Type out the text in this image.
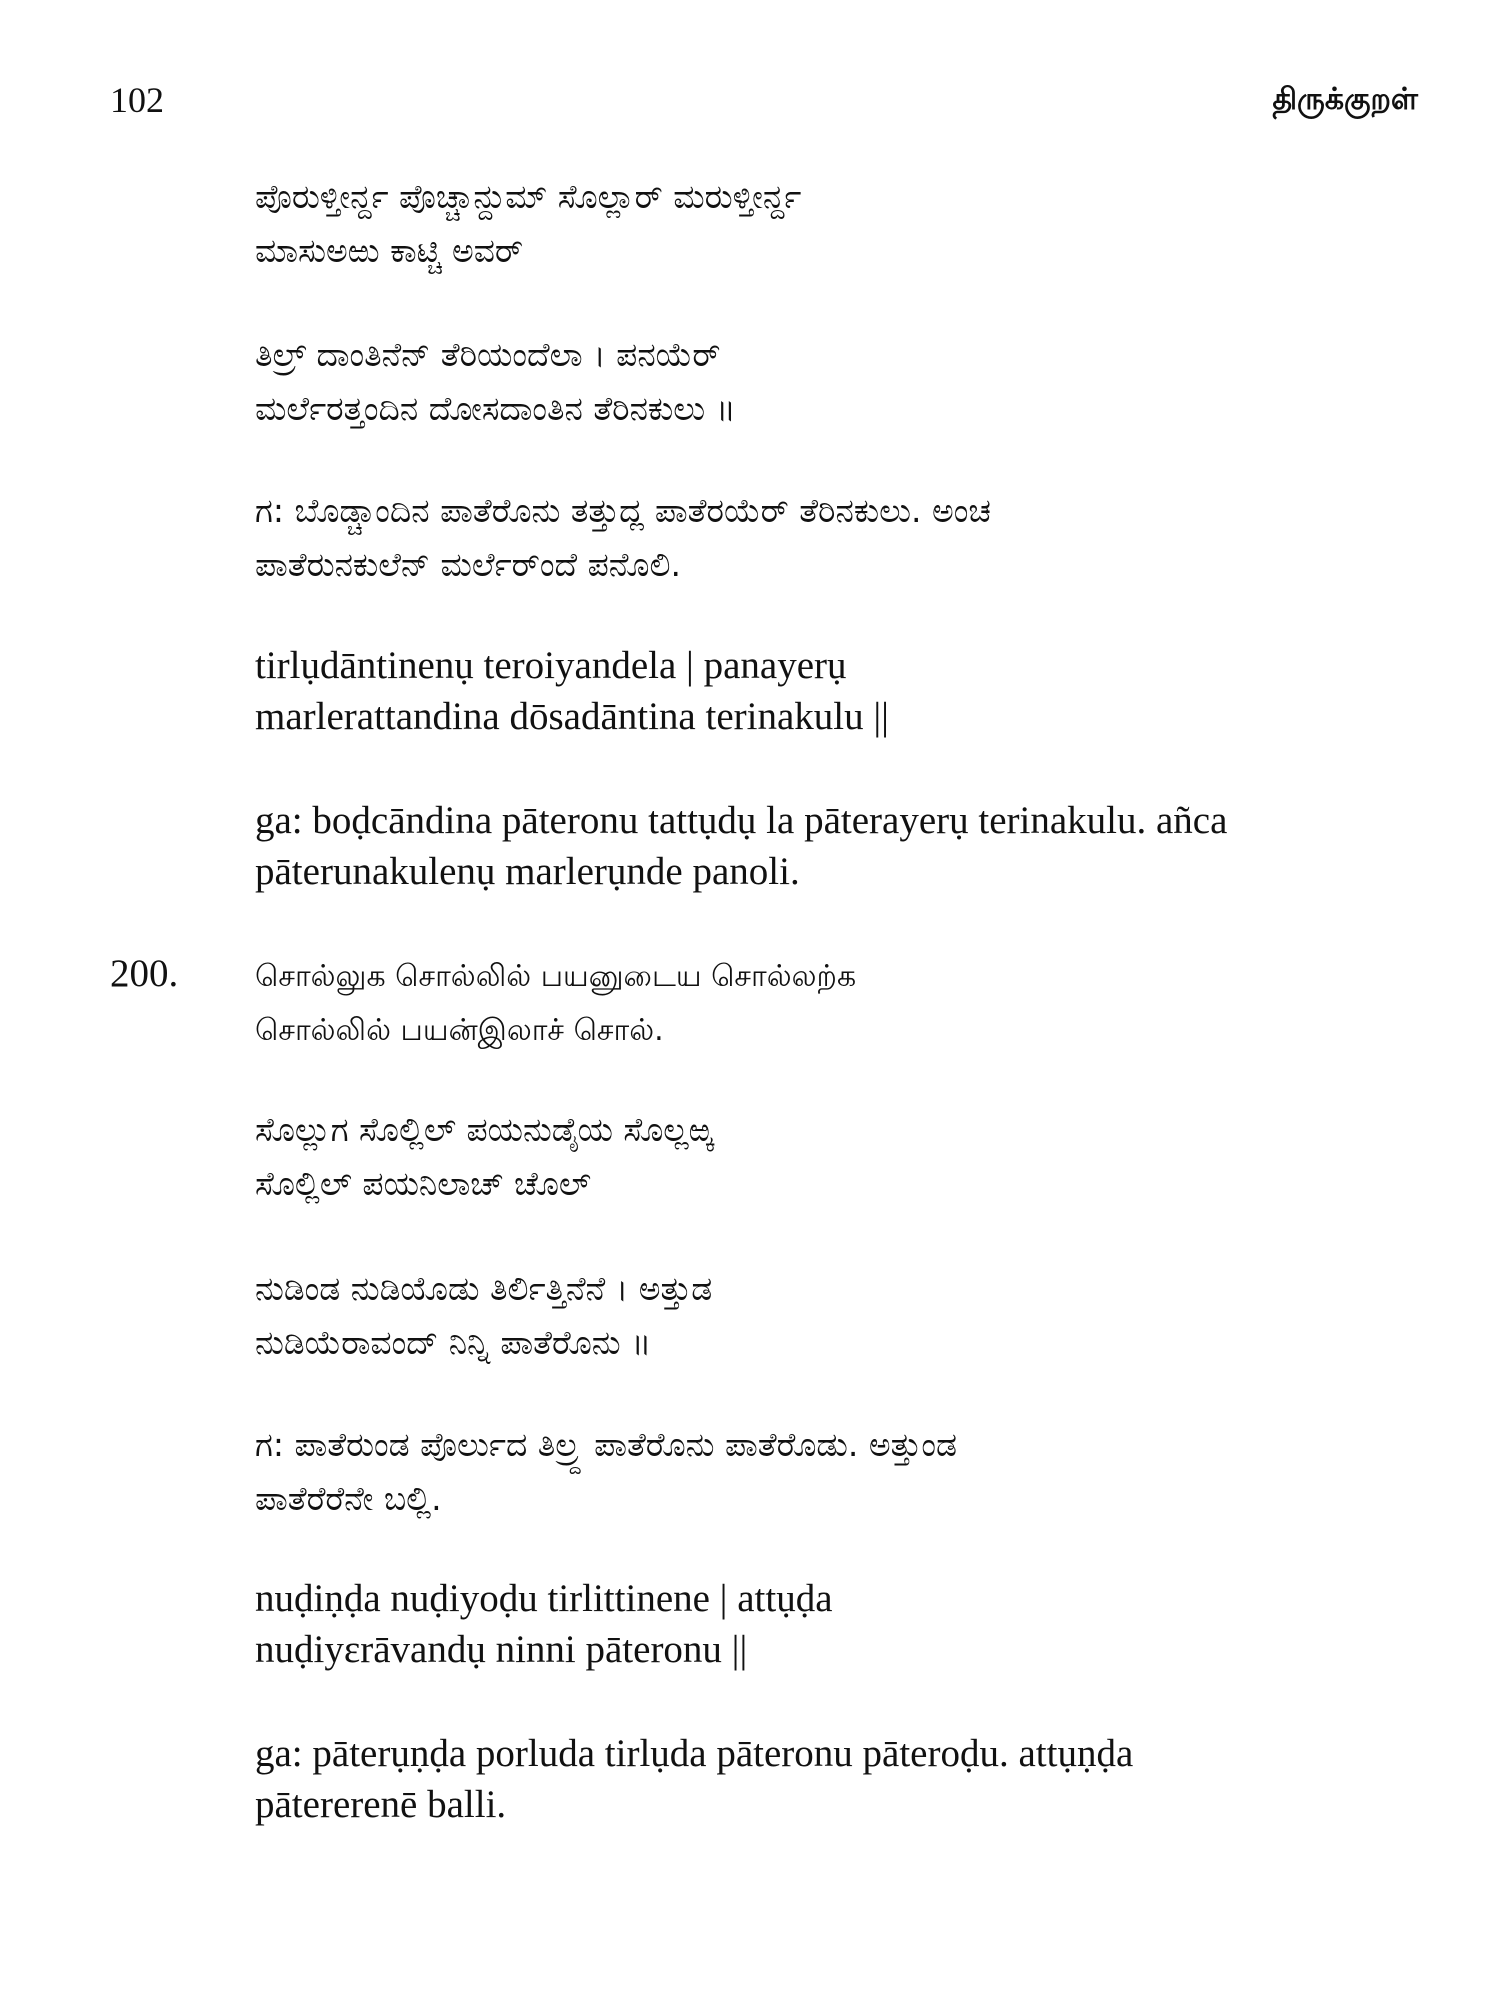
102	திருக்குறள்
ಪೊರುಳ್ತೀರ್ನ್ದ ಪೊಚ್ಚಾನ್ದುಮ್ ಸೊಲ್ಲಾರ್ ಮರುಳ್ತೀರ್ನ್ದ
ಮಾಸುಅಱು ಕಾಟ್ಚಿ ಅವರ್
ತಿಲ್ರ್ ದಾಂತಿನೆನ್ ತೆರಿಯಂದೆಲಾ । ಪನಯೆರ್
ಮರ್ಲೆರತ್ತಂದಿನ ದೋಸದಾಂತಿನ ತೆರಿನಕುಲು ॥
ಗ: ಬೊಡ್ಚಾಂದಿನ ಪಾತೆರೊನು ತತ್ತುದ್ಲ ಪಾತೆರಯೆರ್ ತೆರಿನಕುಲು. ಅಂಚ
ಪಾತೆರುನಕುಲೆನ್ ಮರ್ಲೆರ್ಂದೆ ಪನೊಲಿ.
tirlụdāntinenụ teroiyandela | panayerụ
marlerattandina dōsadāntina terinakulu ||
ga: boḍcāndina pāteronu tattụdụ la pāterayerụ terinakulu. añca
pāterunakulenụ marlerụnde panoli.
200.	சொல்லுக சொல்லில் பயனுடைய சொல்லற்க
சொல்லில் பயன்இலாச் சொல்.
ಸೊಲ್ಲುಗ ಸೊಲ್ಲಿಲ್ ಪಯನುಡೈಯ ಸೊಲ್ಲಱ್ಕ
ಸೊಲ್ಲಿಲ್ ಪಯನಿಲಾಚ್ ಚೊಲ್
ನುಡಿಂಡ ನುಡಿಯೊಡು ತಿರ್ಲಿತ್ತಿನೆನೆ । ಅತ್ತುಡ
ನುಡಿಯೆರಾವಂದ್ ನಿನ್ನಿ ಪಾತೆರೊನು ॥
ಗ: ಪಾತೆರುಂಡ ಪೊರ್ಲುದ ತಿಲ್ರ್ದ ಪಾತೆರೊನು ಪಾತೆರೊಡು. ಅತ್ತುಂಡ
ಪಾತೆರೆರೆನೇ ಬಲ್ಲಿ.
nuḍiṇḍa nuḍiyoḍu tirlittinene | attụḍa
nuḍiyɛrāvandụ ninni pāteronu ||
ga: pāterụṇḍa porluda tirlụda pāteronu pāteroḍu. attụṇḍa
pātererenē balli.
